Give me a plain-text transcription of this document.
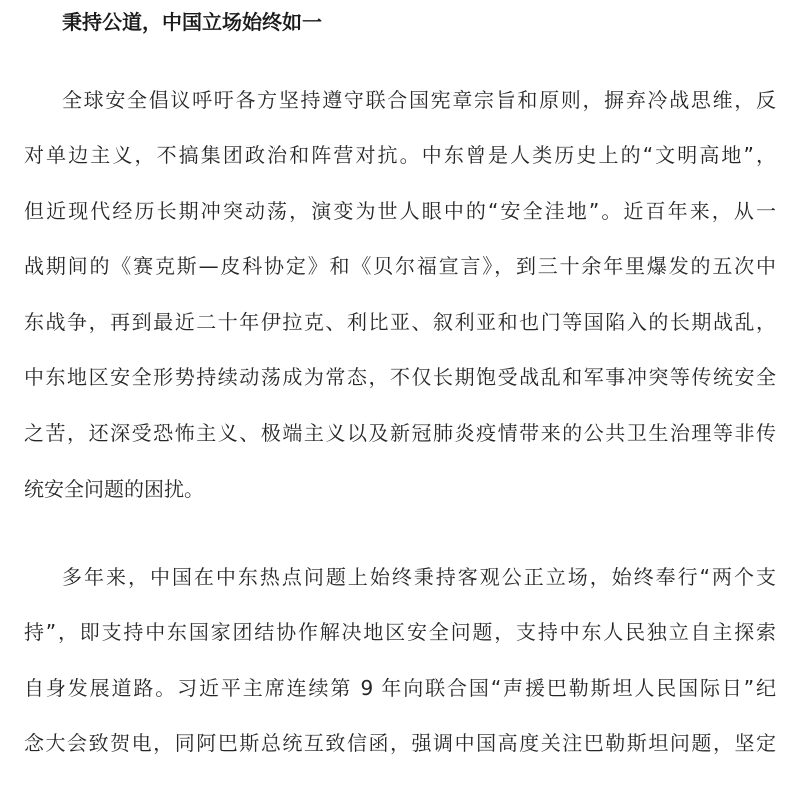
秉持公道，中国立场始终如一
全球安全倡议呼吁各方坚持遵守联合国宪章宗旨和原则，摒弃冷战思维，反
对单边主义，不搞集团政治和阵营对抗。中东曾是人类历史上的“文明高地”，
但近现代经历长期冲突动荡，演变为世人眼中的“安全洼地”。近百年来，从一
战期间的《赛克斯—皮科协定》和《贝尔福宣言》，到三十余年里爆发的五次中
东战争，再到最近二十年伊拉克、利比亚、叙利亚和也门等国陷入的长期战乱，
中东地区安全形势持续动荡成为常态，不仅长期饱受战乱和军事冲突等传统安全
之苦，还深受恐怖主义、极端主义以及新冠肺炎疫情带来的公共卫生治理等非传
统安全问题的困扰。
多年来，中国在中东热点问题上始终秉持客观公正立场，始终奉行“两个支
持”，即支持中东国家团结协作解决地区安全问题，支持中东人民独立自主探索
自身发展道路。习近平主席连续第 9 年向联合国“声援巴勒斯坦人民国际日”纪
念大会致贺电，同阿巴斯总统互致信函，强调中国高度关注巴勒斯坦问题，坚定
